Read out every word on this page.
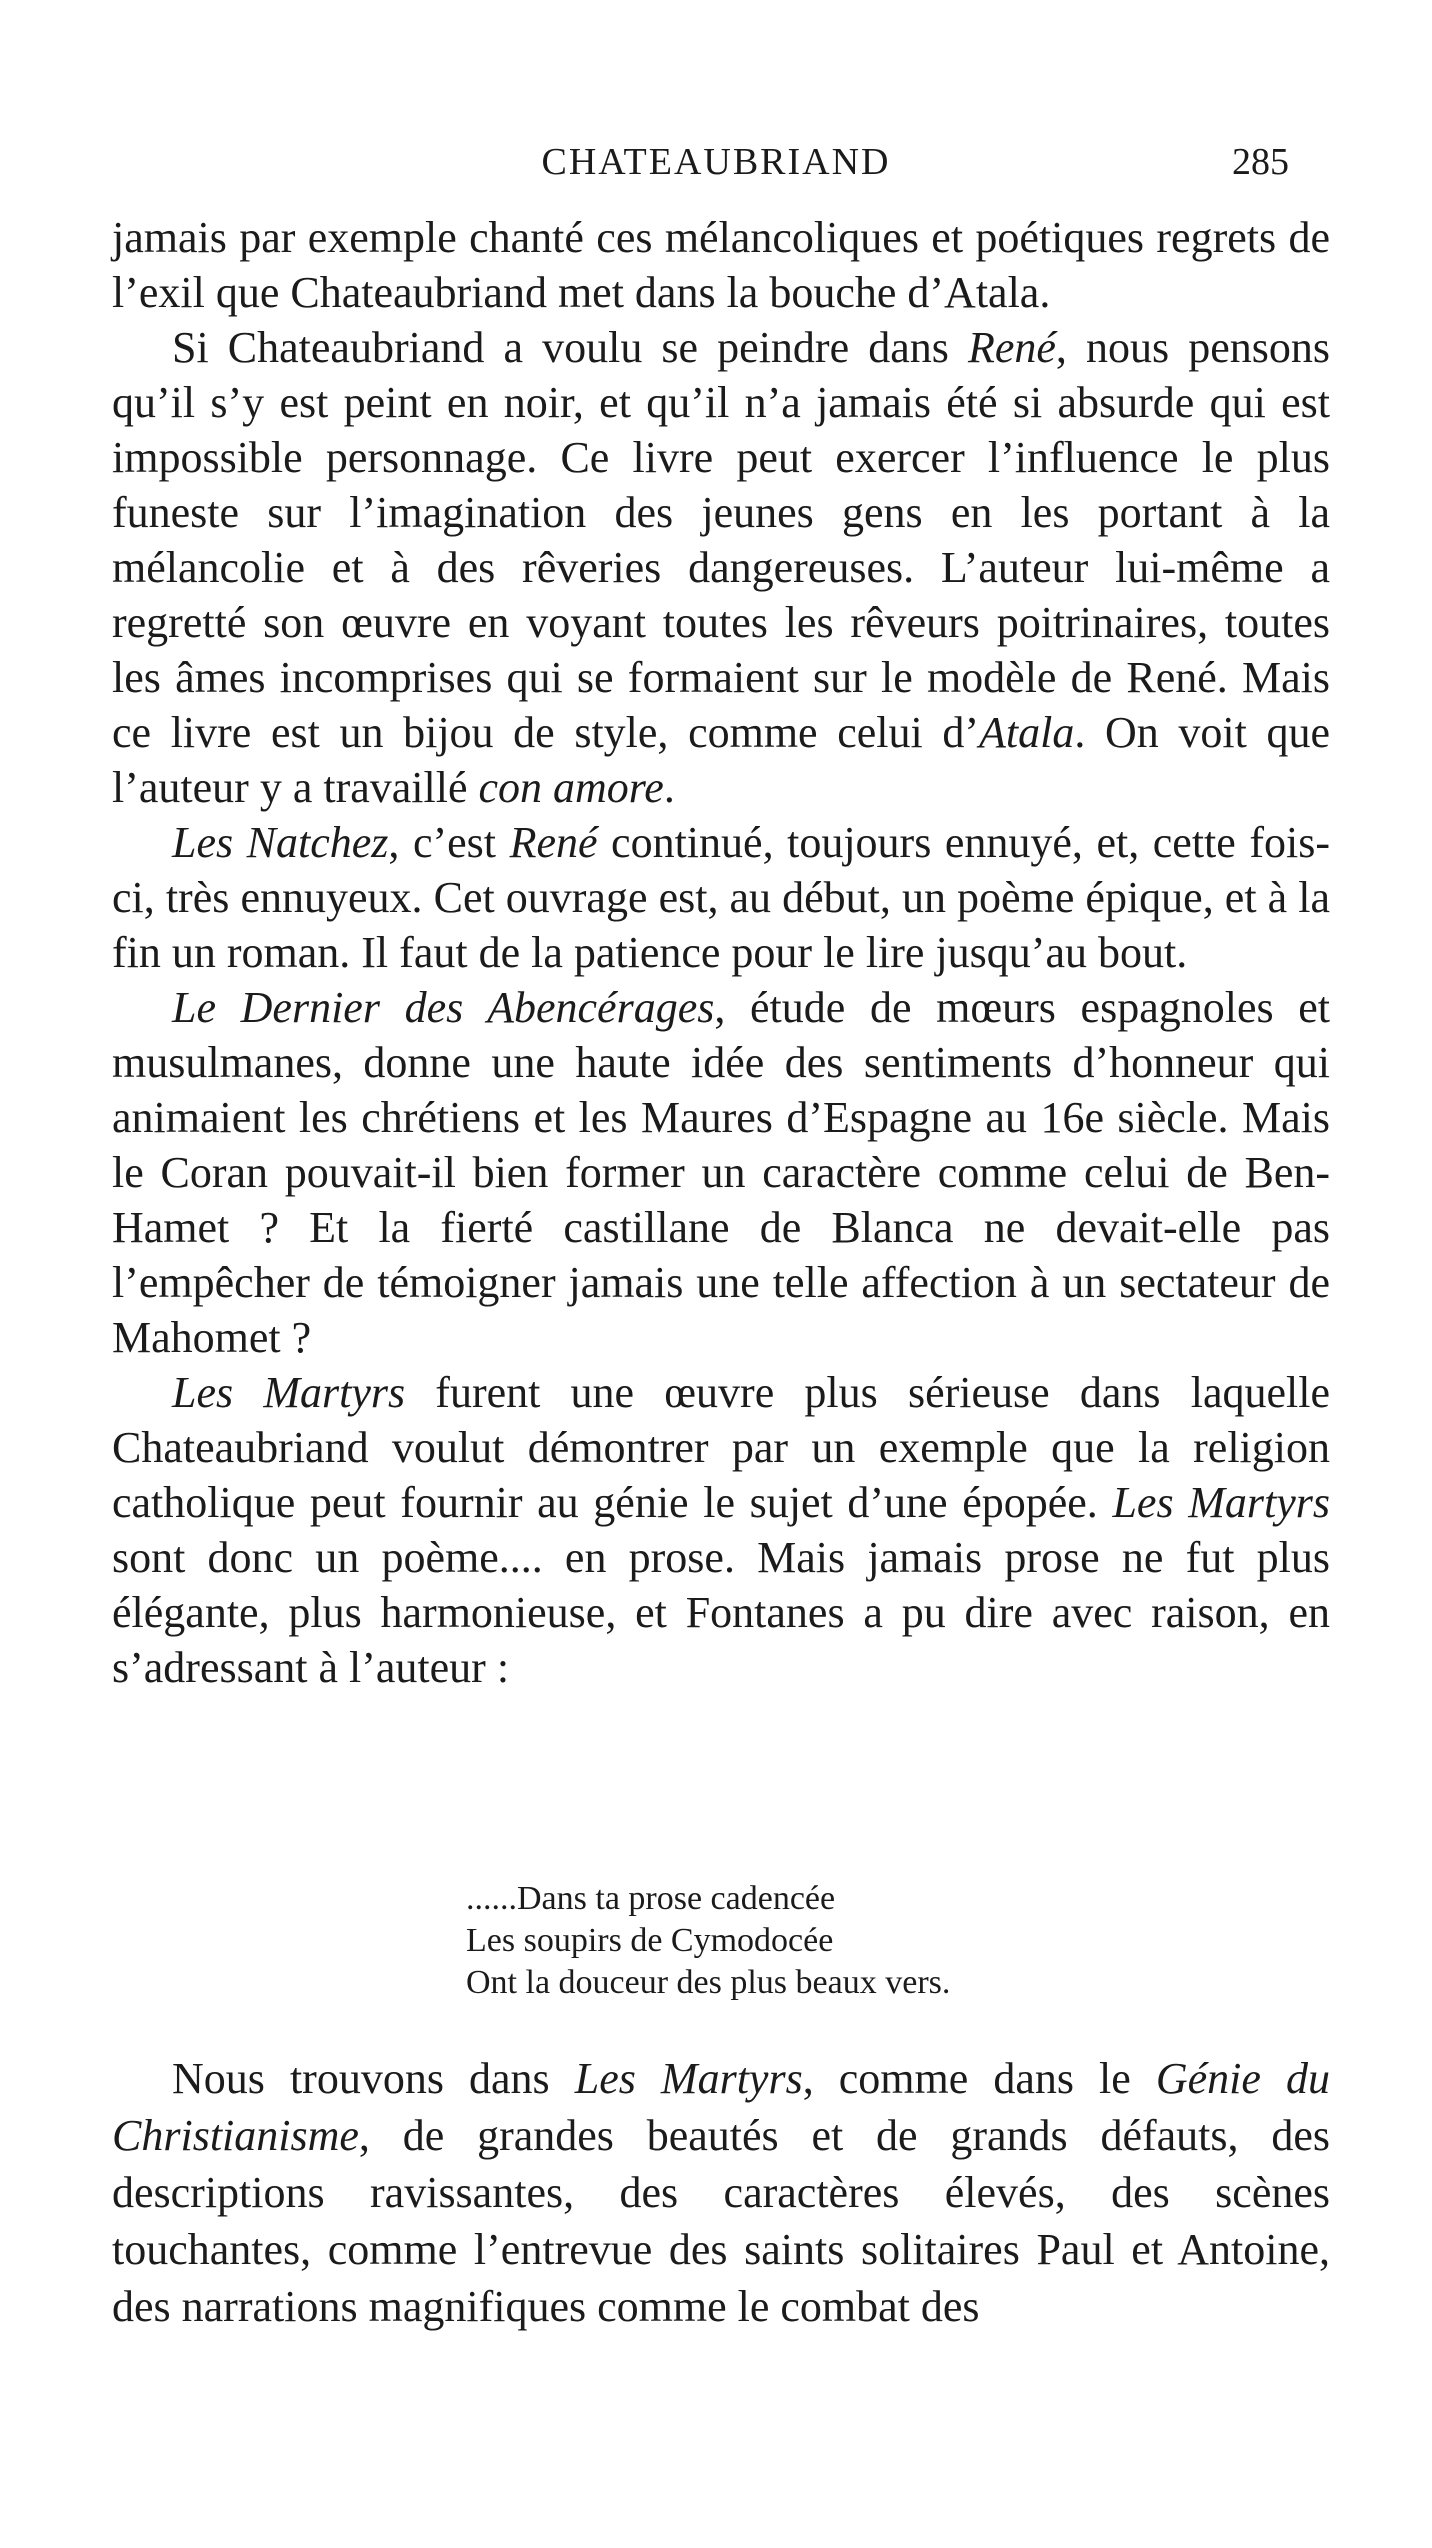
CHATEAUBRIAND	285

jamais par exemple chanté ces mélancoliques et poétiques regrets de l’exil que Chateaubriand met dans la bouche d’Atala.

Si Chateaubriand a voulu se peindre dans René, nous pensons qu’il s’y est peint en noir, et qu’il n’a jamais été si absurde qui est impossible personnage. Ce livre peut exercer l’influence le plus funeste sur l’imagination des jeunes gens en les portant à la mélancolie et à des rêveries dangereuses. L’auteur lui-même a regretté son œuvre en voyant toutes les rêveurs poitrinaires, toutes les âmes incomprises qui se formaient sur le modèle de René. Mais ce livre est un bijou de style, comme celui d’Atala. On voit que l’auteur y a travaillé con amore.

Les Natchez, c’est René continué, toujours ennuyé, et, cette fois-ci, très ennuyeux. Cet ouvrage est, au début, un poème épique, et à la fin un roman. Il faut de la patience pour le lire jusqu’au bout.

Le Dernier des Abencérages, étude de mœurs espagnoles et musulmanes, donne une haute idée des sentiments d’honneur qui animaient les chrétiens et les Maures d’Espagne au 16e siècle. Mais le Coran pouvait-il bien former un caractère comme celui de Ben-Hamet ? Et la fierté castillane de Blanca ne devait-elle pas l’empêcher de témoigner jamais une telle affection à un sectateur de Mahomet ?

Les Martyrs furent une œuvre plus sérieuse dans laquelle Chateaubriand voulut démontrer par un exemple que la religion catholique peut fournir au génie le sujet d’une épopée. Les Martyrs sont donc un poème.... en prose. Mais jamais prose ne fut plus élégante, plus harmonieuse, et Fontanes a pu dire avec raison, en s’adressant à l’auteur :

......Dans ta prose cadencée
Les soupirs de Cymodocée
Ont la douceur des plus beaux vers.

Nous trouvons dans Les Martyrs, comme dans le Génie du Christianisme, de grandes beautés et de grands défauts, des descriptions ravissantes, des caractères élevés, des scènes touchantes, comme l’entrevue des saints solitaires Paul et Antoine, des narrations magnifiques comme le combat des
